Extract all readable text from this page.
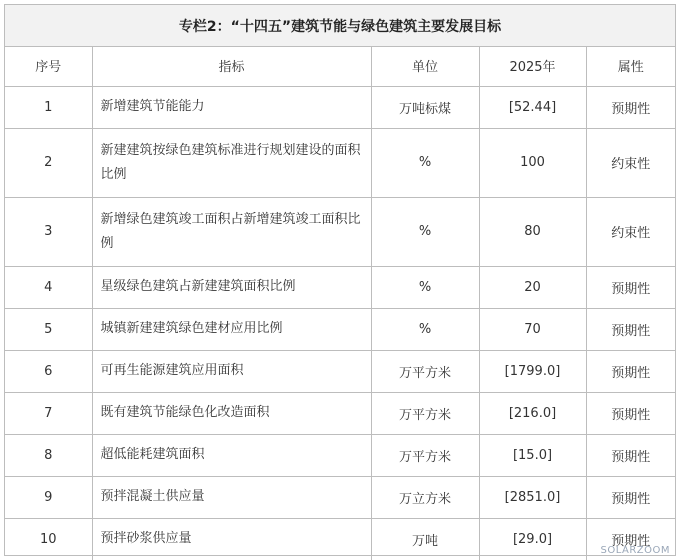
专栏2：“十四五”建筑节能与绿色建筑主要发展目标
序号	指标	单位	2025年	属性
1	新增建筑节能能力	万吨标煤	[52.44]	预期性
2	新建建筑按绿色建筑标准进行规划建设的面积比例	%	100	约束性
3	新增绿色建筑竣工面积占新增建筑竣工面积比例	%	80	约束性
4	星级绿色建筑占新建建筑面积比例	%	20	预期性
5	城镇新建建筑绿色建材应用比例	%	70	预期性
6	可再生能源建筑应用面积	万平方米	[1799.0]	预期性
7	既有建筑节能绿色化改造面积	万平方米	[216.0]	预期性
8	超低能耗建筑面积	万平方米	[15.0]	预期性
9	预拌混凝土供应量	万立方米	[2851.0]	预期性
10	预拌砂浆供应量	万吨	[29.0]	预期性
SOLARZOOM
